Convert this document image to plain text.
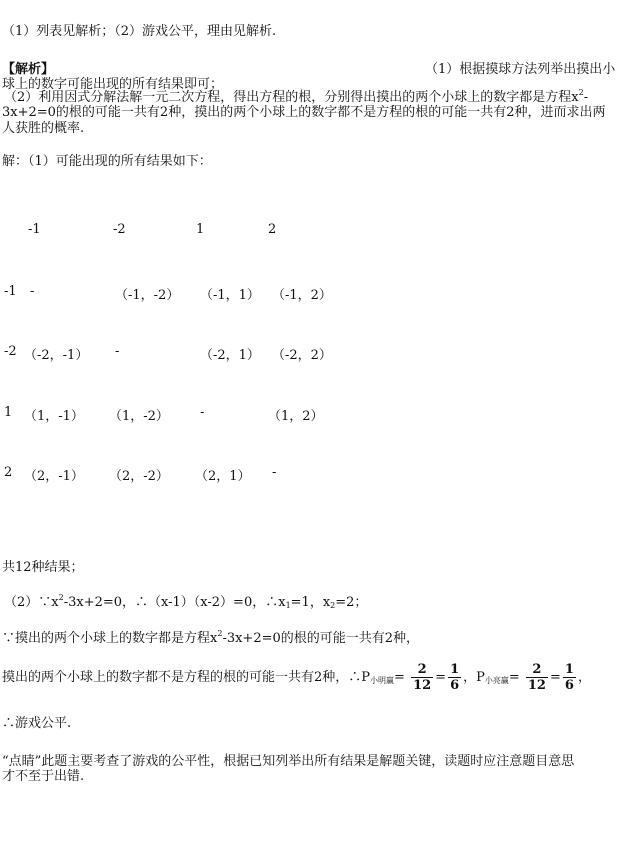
（1）列表见解析；（2）游戏公平，理由见解析.
【解析】	（1）根据摸球方法列举出摸出小
球上的数字可能出现的所有结果即可；
（2）利用因式分解法解一元二次方程，得出方程的根，分别得出摸出的两个小球上的数字都是方程$x^2-$
3x+2=0的根的可能一共有2种，摸出的两个小球上的数字都不是方程的根的可能一共有2种，进而求出两
人获胜的概率.
解：（1）可能出现的所有结果如下：
-1	-2	1	2
-1 -	（-1，-2） （-1，1） （-1，2）
-2 （-2，-1） -	（-2，1） （-2，2）
1 （1，-1） （1，-2） -	（1，2）
2 （2，-1） （2，-2） （2，1） -
共12种结果；
$(2)\because x^2-3x+2=0$，∴（x-1）（x-2）=0，$\therefore x_1=1$，$x_2=2$；
∵摸出的两个小球上的数字都是方程$x^2-3x+2=0$的根的可能一共有2种，
摸出的两个小球上的数字都不是方程的根的可能一共有2种，$\therefore P_{小明赢}= \frac{2}{12} = \frac{1}{6}$ ，$P_{小亮赢}= \frac{2}{12} = \frac{1}{6}$ ，
∴游戏公平.
“点睛”此题主要考查了游戏的公平性，根据已知列举出所有结果是解题关键，读题时应注意题目意思
才不至于出错.
